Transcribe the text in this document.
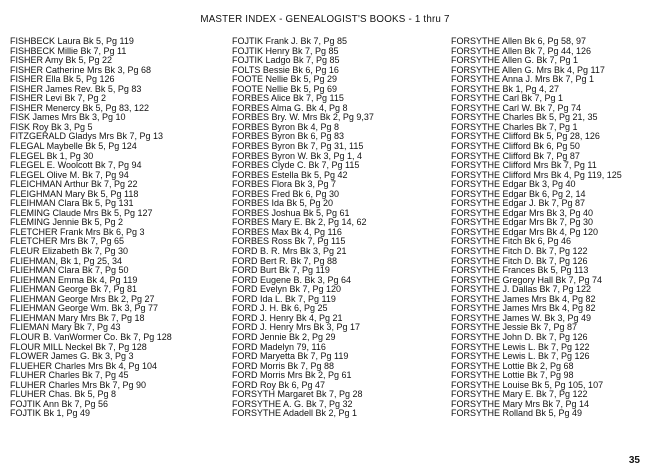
MASTER INDEX - GENEALOGIST'S BOOKS - 1 thru 7
FISHBECK Laura Bk 5, Pg 119
FISHBECK Millie Bk 7, Pg 11
FISHER Amy Bk 5, Pg 22
FISHER Catherine Mrs Bk 3, Pg 68
FISHER Ella Bk 5, Pg 126
FISHER James Rev. Bk 5, Pg 83
FISHER Levi Bk 7, Pg 2
FISHER Menercy Bk 5, Pg 83, 122
FISK James Mrs Bk 3, Pg 10
FISK Roy Bk 3, Pg 5
FITZGERALD Gladys Mrs Bk 7, Pg 13
FLEGAL Maybelle Bk 5, Pg 124
FLEGEL Bk 1, Pg 30
FLEGEL E. Woolcott Bk 7, Pg 94
FLEGEL Olive M. Bk 7, Pg 94
FLEICHMAN Arthur Bk 7, Pg 22
FLEIGHMAN Mary Bk 5, Pg 118
FLEIHMAN Clara Bk 5, Pg 131
FLEMING Claude Mrs Bk 5, Pg 127
FLEMING Jennie Bk 5, Pg 2
FLETCHER Frank Mrs Bk 6, Pg 3
FLETCHER Mrs Bk 7, Pg 65
FLEUR Elizabeth Bk 7, Pg 30
FLIEHMAN, Bk 1, Pg 25, 34
FLIEHMAN Clara Bk 7, Pg 50
FLIEHMAN Emma Bk 4, Pg 119
FLIEHMAN George Bk 7, Pg 81
FLIEHMAN George Mrs Bk 2, Pg 27
FLIEHMAN George Wm. Bk 3, Pg 77
FLIEHMAN Mary Mrs Bk 7, Pg 18
FLIEMAN Mary Bk 7, Pg 43
FLOUR B. VanWormer Co. Bk 7, Pg 128
FLOUR MILL Neckel Bk 7, Pg 128
FLOWER James G. Bk 3, Pg 3
FLUEHER Charles Mrs Bk 4, Pg 104
FLUHER Charles Bk 7, Pg 45
FLUHER Charles Mrs Bk 7, Pg 90
FLUHER Chas. Bk 5, Pg 8
FOJTIK Ann Bk 7, Pg 56
FOJTIK Bk 1, Pg 49
FOJTIK Frank J. Bk 7, Pg 85
FOJTIK Henry Bk 7, Pg 85
FOJTIK Ladgo Bk 7, Pg 85
FOLTS Bessie Bk 6, Pg 16
FOOTE Nellie Bk 5, Pg 29
FOOTE Nellie Bk 5, Pg 69
FORBES Alice Bk 7, Pg 115
FORBES Alma G. Bk 4, Pg 8
FORBES Bry. W. Mrs Bk 2, Pg 9,37
FORBES Byron Bk 4, Pg 8
FORBES Byron Bk 6, Pg 83
FORBES Byron Bk 7, Pg 31, 115
FORBES Byron W. Bk 3, Pg 1, 4
FORBES Clyde C. Bk 7, Pg 115
FORBES Estella Bk 5, Pg 42
FORBES Flora Bk 3, Pg 7
FORBES Fred Bk 6, Pg 30
FORBES Ida Bk 5, Pg 20
FORBES Joshua Bk 5, Pg 61
FORBES Mary E. Bk 2, Pg 14, 62
FORBES Max Bk 4, Pg 116
FORBES Ross Bk 7, Pg 115
FORD B. R. Mrs Bk 3, Pg 21
FORD Bert R. Bk 7, Pg 88
FORD Burt Bk 7, Pg 119
FORD Eugene B. Bk 3, Pg 64
FORD Evelyn Bk 7, Pg 120
FORD Ida L. Bk 7, Pg 119
FORD J. H. Bk 6, Pg 25
FORD J. Henry Bk 4, Pg 21
FORD J. Henry Mrs Bk 3, Pg 17
FORD Jennie Bk 2, Pg 29
FORD Madelyn 79, 116
FORD Maryetta Bk 7, Pg 119
FORD Morris Bk 7, Pg 88
FORD Morris Mrs Bk 2, Pg 61
FORD Roy Bk 6, Pg 47
FORSYTH Margaret Bk 7, Pg 28
FORSYTHE A. G. Bk 7, Pg 32
FORSYTHE Adadell Bk 2, Pg 1
FORSYTHE Allen Bk 6, Pg 58, 97
FORSYTHE Allen Bk 7, Pg 44, 126
FORSYTHE Allen G. Bk 7, Pg 1
FORSYTHE Allen G. Mrs Bk 4, Pg 117
FORSYTHE Anna J. Mrs Bk 7, Pg 1
FORSYTHE Bk 1, Pg 4, 27
FORSYTHE Carl Bk 7, Pg 1
FORSYTHE Carl W. Bk 7, Pg 74
FORSYTHE Charles Bk 5, Pg 21, 35
FORSYTHE Charles Bk 7, Pg 1
FORSYTHE Clifford Bk 5, Pg 28, 126
FORSYTHE Clifford Bk 6, Pg 50
FORSYTHE Clifford Bk 7, Pg 87
FORSYTHE Clifford Mrs Bk 7, Pg 11
FORSYTHE Clifford Mrs Bk 4, Pg 119, 125
FORSYTHE Edgar Bk 3, Pg 40
FORSYTHE Edgar Bk 6, Pg 2, 14
FORSYTHE Edgar J. Bk 7, Pg 87
FORSYTHE Edgar Mrs Bk 3, Pg 40
FORSYTHE Edgar Mrs Bk 7, Pg 30
FORSYTHE Edgar Mrs Bk 4, Pg 120
FORSYTHE Fitch Bk 6, Pg 46
FORSYTHE Fitch D. Bk 7, Pg 122
FORSYTHE Fitch D. Bk 7, Pg 126
FORSYTHE Frances Bk 5, Pg 113
FORSYTHE Gregory Hall Bk 7, Pg 74
FORSYTHE J. Dallas Bk 7, Pg 122
FORSYTHE James Mrs Bk 4, Pg 82
FORSYTHE James Mrs Bk 4, Pg 82
FORSYTHE James W. Bk 3, Pg 49
FORSYTHE Jessie Bk 7, Pg 87
FORSYTHE John D. Bk 7, Pg 126
FORSYTHE Lewis L. Bk 7, Pg 122
FORSYTHE Lewis L. Bk 7, Pg 126
FORSYTHE Lottie Bk 2, Pg 68
FORSYTHE Lottie Bk 7, Pg 98
FORSYTHE Louise Bk 5, Pg 105, 107
FORSYTHE Mary E. Bk 7, Pg 122
FORSYTHE Mary Mrs Bk 7, Pg 14
FORSYTHE Rolland Bk 5, Pg 49
35
